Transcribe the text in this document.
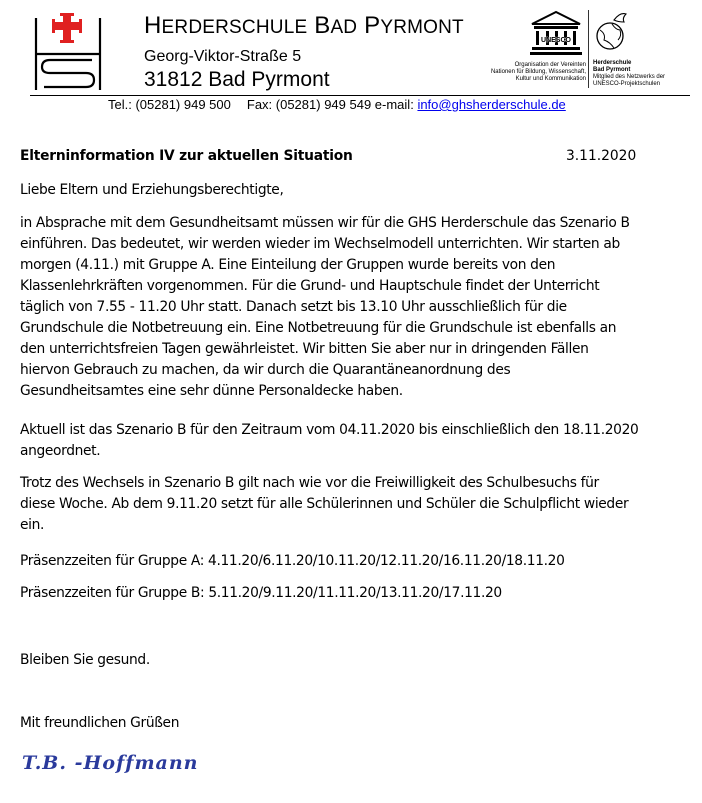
HERDERSCHULE BAD PYRMONT
Georg-Viktor-Straße 5
31812 Bad Pyrmont
UNESCO
Organisation der Vereinten Nationen für Bildung, Wissenschaft, Kultur und Kommunikation
Herderschule
Bad Pyrmont
Mitglied des Netzwerks der UNESCO-Projektschulen
Tel.: (05281) 949 500 Fax: (05281) 949 549 e-mail: info@ghsherderschule.de
Elterninformation IV zur aktuellen Situation	3.11.2020
Liebe Eltern und Erziehungsberechtigte,
in Absprache mit dem Gesundheitsamt müssen wir für die GHS Herderschule das Szenario B
einführen. Das bedeutet, wir werden wieder im Wechselmodell unterrichten. Wir starten ab
morgen (4.11.) mit Gruppe A. Eine Einteilung der Gruppen wurde bereits von den
Klassenlehrkräften vorgenommen. Für die Grund- und Hauptschule findet der Unterricht
täglich von 7.55 - 11.20 Uhr statt. Danach setzt bis 13.10 Uhr ausschließlich für die
Grundschule die Notbetreuung ein. Eine Notbetreuung für die Grundschule ist ebenfalls an
den unterrichtsfreien Tagen gewährleistet. Wir bitten Sie aber nur in dringenden Fällen
hiervon Gebrauch zu machen, da wir durch die Quarantäneanordnung des
Gesundheitsamtes eine sehr dünne Personaldecke haben.
Aktuell ist das Szenario B für den Zeitraum vom 04.11.2020 bis einschließlich den 18.11.2020
angeordnet.
Trotz des Wechsels in Szenario B gilt nach wie vor die Freiwilligkeit des Schulbesuchs für
diese Woche. Ab dem 9.11.20 setzt für alle Schülerinnen und Schüler die Schulpflicht wieder
ein.
Präsenzzeiten für Gruppe A: 4.11.20/6.11.20/10.11.20/12.11.20/16.11.20/18.11.20
Präsenzzeiten für Gruppe B: 5.11.20/9.11.20/11.11.20/13.11.20/17.11.20
Bleiben Sie gesund.
Mit freundlichen Grüßen
T.B. -Hoffmann
